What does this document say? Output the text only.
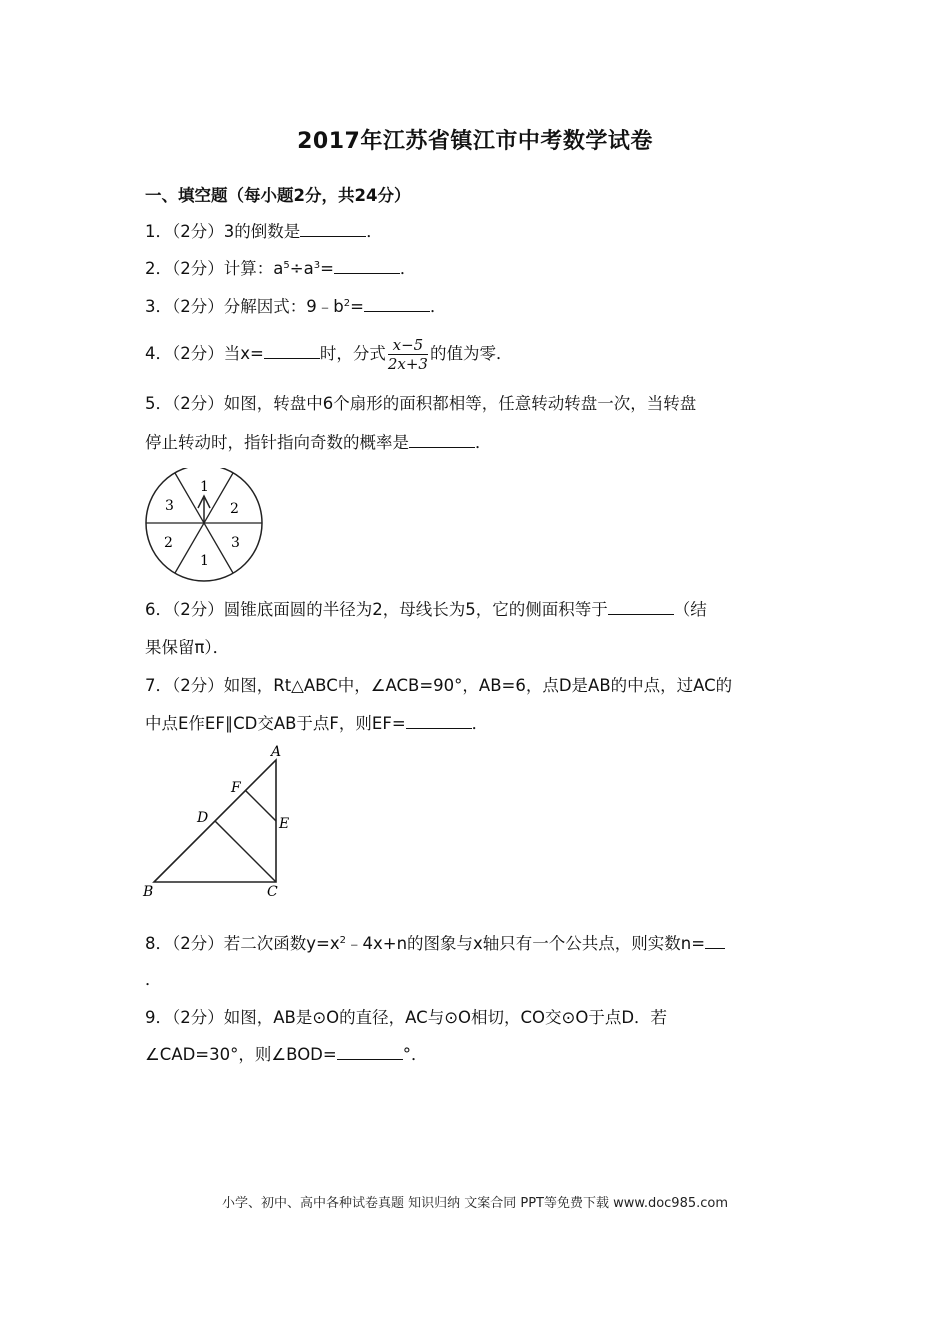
2017年江苏省镇江市中考数学试卷
一、填空题（每小题2分，共24分）
1．（2分）3的倒数是	．
2．（2分）计算：$a^5\div a^3=$	．
3．（2分）分解因式：$9﹣b^2=$	．
4．（2分）当x=	时，分式 $\frac{x-5}{2x+3}$ 的值为零．
5．（2分）如图，转盘中6个扇形的面积都相等，任意转动转盘一次，当转盘
停止转动时，指针指向奇数的概率是	．
1
2
3
1
2
3
6．（2分）圆锥底面圆的半径为2，母线长为5，它的侧面积等于	（结
果保留π）．
7．（2分）如图，Rt△ABC中，∠ACB=90°，AB=6，点D是AB的中点，过AC的
中点E作EF∥CD交AB于点F，则EF=	．
A
B	C
D	E
F
8．（2分）若二次函数$y=x^2﹣4x+n$的图象与x轴只有一个公共点，则实数n=
．
9．（2分）如图，AB是⊙O的直径，AC与⊙O相切，CO交⊙O于点D．若
∠CAD=30°，则∠BOD=	°．
小学、初中、高中各种试卷真题 知识归纳 文案合同 PPT等免费下载 www.doc985.com
